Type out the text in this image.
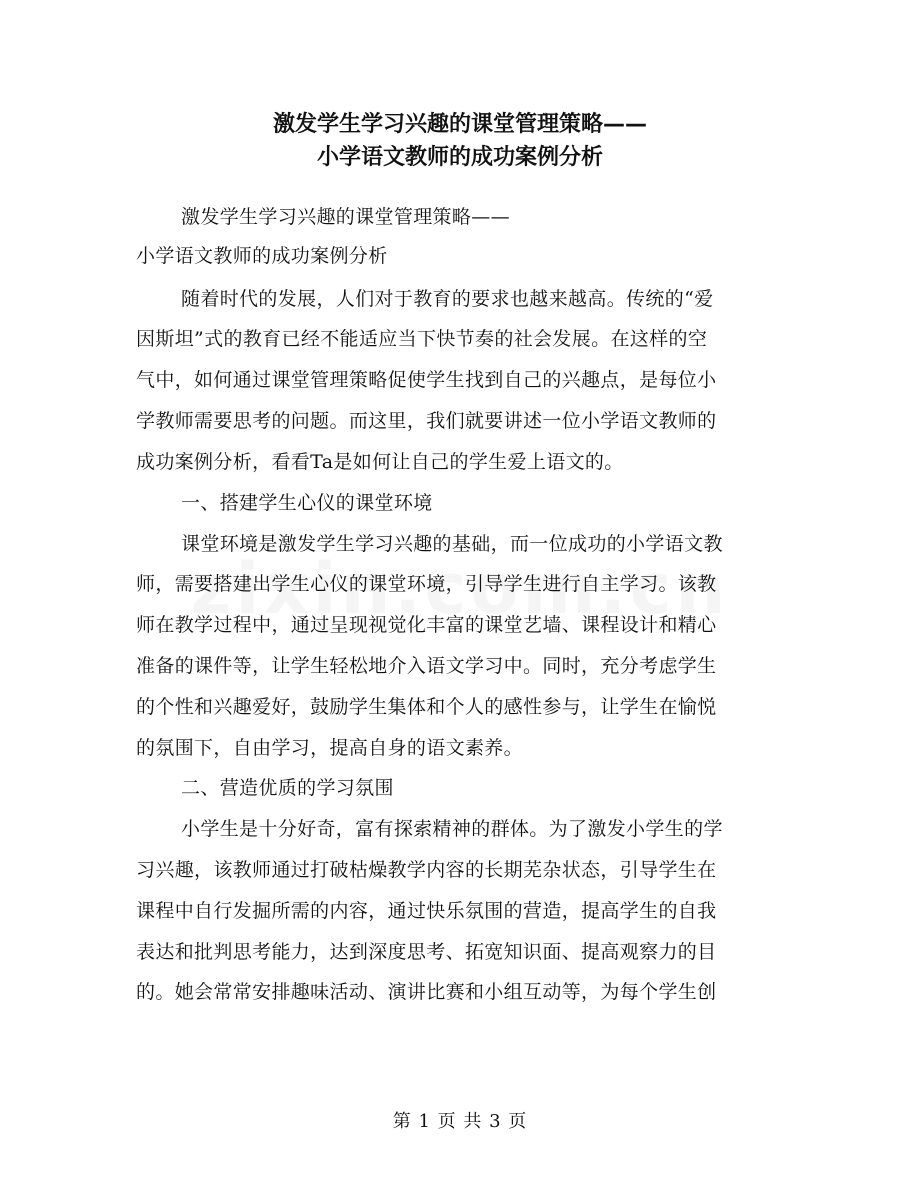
激发学生学习兴趣的课堂管理策略——
小学语文教师的成功案例分析
激发学生学习兴趣的课堂管理策略——
小学语文教师的成功案例分析
随着时代的发展，人们对于教育的要求也越来越高。传统的“爱
因斯坦”式的教育已经不能适应当下快节奏的社会发展。在这样的空
气中，如何通过课堂管理策略促使学生找到自己的兴趣点，是每位小
学教师需要思考的问题。而这里，我们就要讲述一位小学语文教师的
成功案例分析，看看Ta是如何让自己的学生爱上语文的。
一、搭建学生心仪的课堂环境
课堂环境是激发学生学习兴趣的基础，而一位成功的小学语文教
师，需要搭建出学生心仪的课堂环境，引导学生进行自主学习。该教
师在教学过程中，通过呈现视觉化丰富的课堂艺墙、课程设计和精心
准备的课件等，让学生轻松地介入语文学习中。同时，充分考虑学生
的个性和兴趣爱好，鼓励学生集体和个人的感性参与，让学生在愉悦
的氛围下，自由学习，提高自身的语文素养。
二、营造优质的学习氛围
小学生是十分好奇，富有探索精神的群体。为了激发小学生的学
习兴趣，该教师通过打破枯燥教学内容的长期芜杂状态，引导学生在
课程中自行发掘所需的内容，通过快乐氛围的营造，提高学生的自我
表达和批判思考能力，达到深度思考、拓宽知识面、提高观察力的目
的。她会常常安排趣味活动、演讲比赛和小组互动等，为每个学生创
第 1 页 共 3 页
